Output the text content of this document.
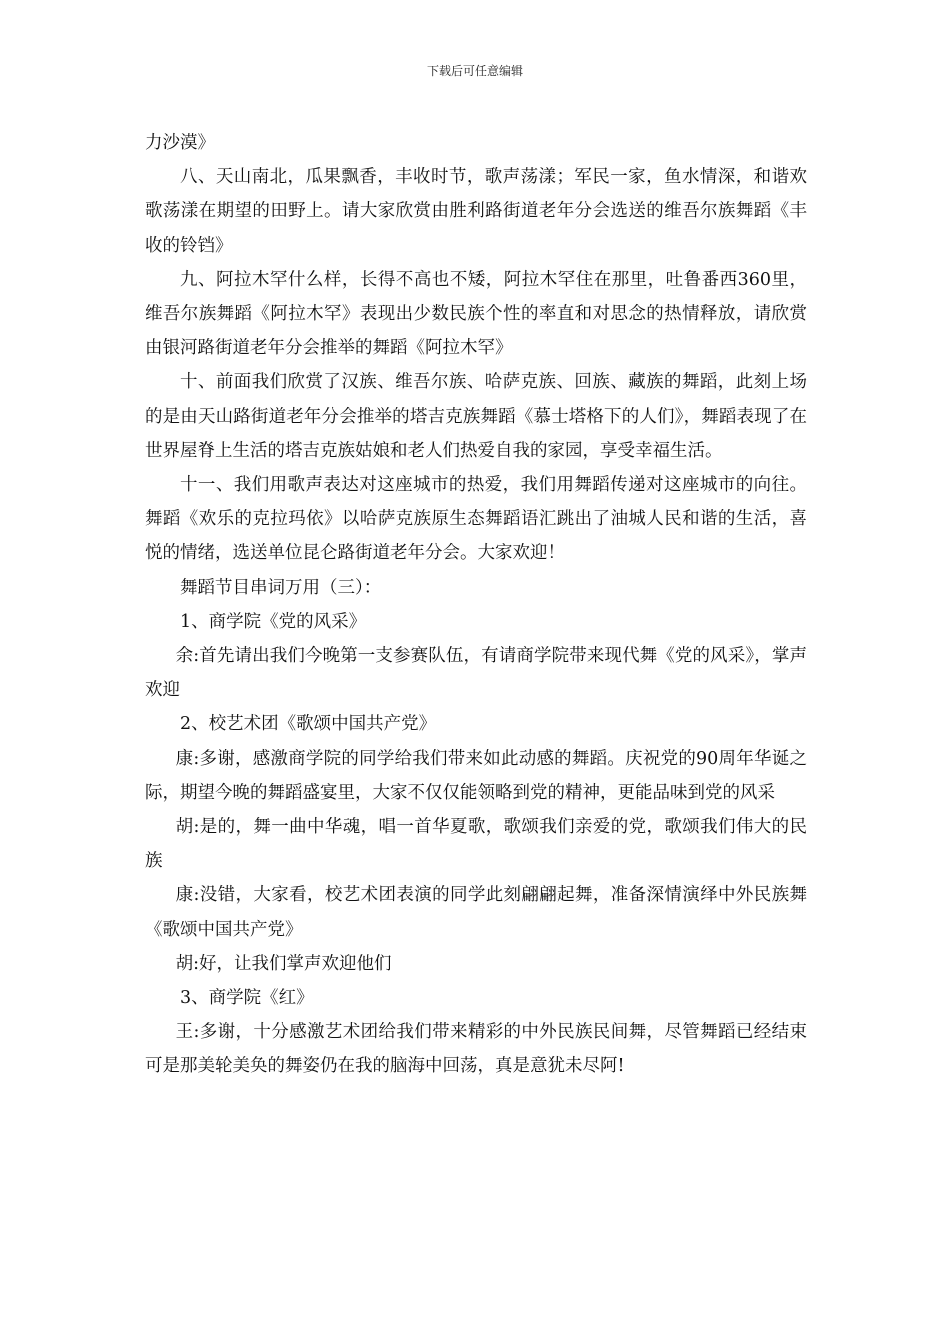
下载后可任意编辑

力沙漠》

八、天山南北，瓜果飘香，丰收时节，歌声荡漾；军民一家，鱼水情深，和谐欢歌荡漾在期望的田野上。请大家欣赏由胜利路街道老年分会选送的维吾尔族舞蹈《丰收的铃铛》

九、阿拉木罕什么样，长得不高也不矮，阿拉木罕住在那里，吐鲁番西360里，维吾尔族舞蹈《阿拉木罕》表现出少数民族个性的率直和对思念的热情释放，请欣赏由银河路街道老年分会推举的舞蹈《阿拉木罕》

十、前面我们欣赏了汉族、维吾尔族、哈萨克族、回族、藏族的舞蹈，此刻上场的是由天山路街道老年分会推举的塔吉克族舞蹈《慕士塔格下的人们》，舞蹈表现了在世界屋脊上生活的塔吉克族姑娘和老人们热爱自我的家园，享受幸福生活。

十一、我们用歌声表达对这座城市的热爱，我们用舞蹈传递对这座城市的向往。舞蹈《欢乐的克拉玛依》以哈萨克族原生态舞蹈语汇跳出了油城人民和谐的生活，喜悦的情绪，选送单位昆仑路街道老年分会。大家欢迎！

舞蹈节目串词万用（三）：

1、商学院《党的风采》

余:首先请出我们今晚第一支参赛队伍，有请商学院带来现代舞《党的风采》，掌声欢迎

2、校艺术团《歌颂中国共产党》

康:多谢，感激商学院的同学给我们带来如此动感的舞蹈。庆祝党的90周年华诞之际，期望今晚的舞蹈盛宴里，大家不仅仅能领略到党的精神，更能品味到党的风采

胡:是的，舞一曲中华魂，唱一首华夏歌，歌颂我们亲爱的党，歌颂我们伟大的民族

康:没错，大家看，校艺术团表演的同学此刻翩翩起舞，准备深情演绎中外民族舞《歌颂中国共产党》

胡:好，让我们掌声欢迎他们

3、商学院《红》

王:多谢，十分感激艺术团给我们带来精彩的中外民族民间舞，尽管舞蹈已经结束可是那美轮美奂的舞姿仍在我的脑海中回荡，真是意犹未尽阿!
